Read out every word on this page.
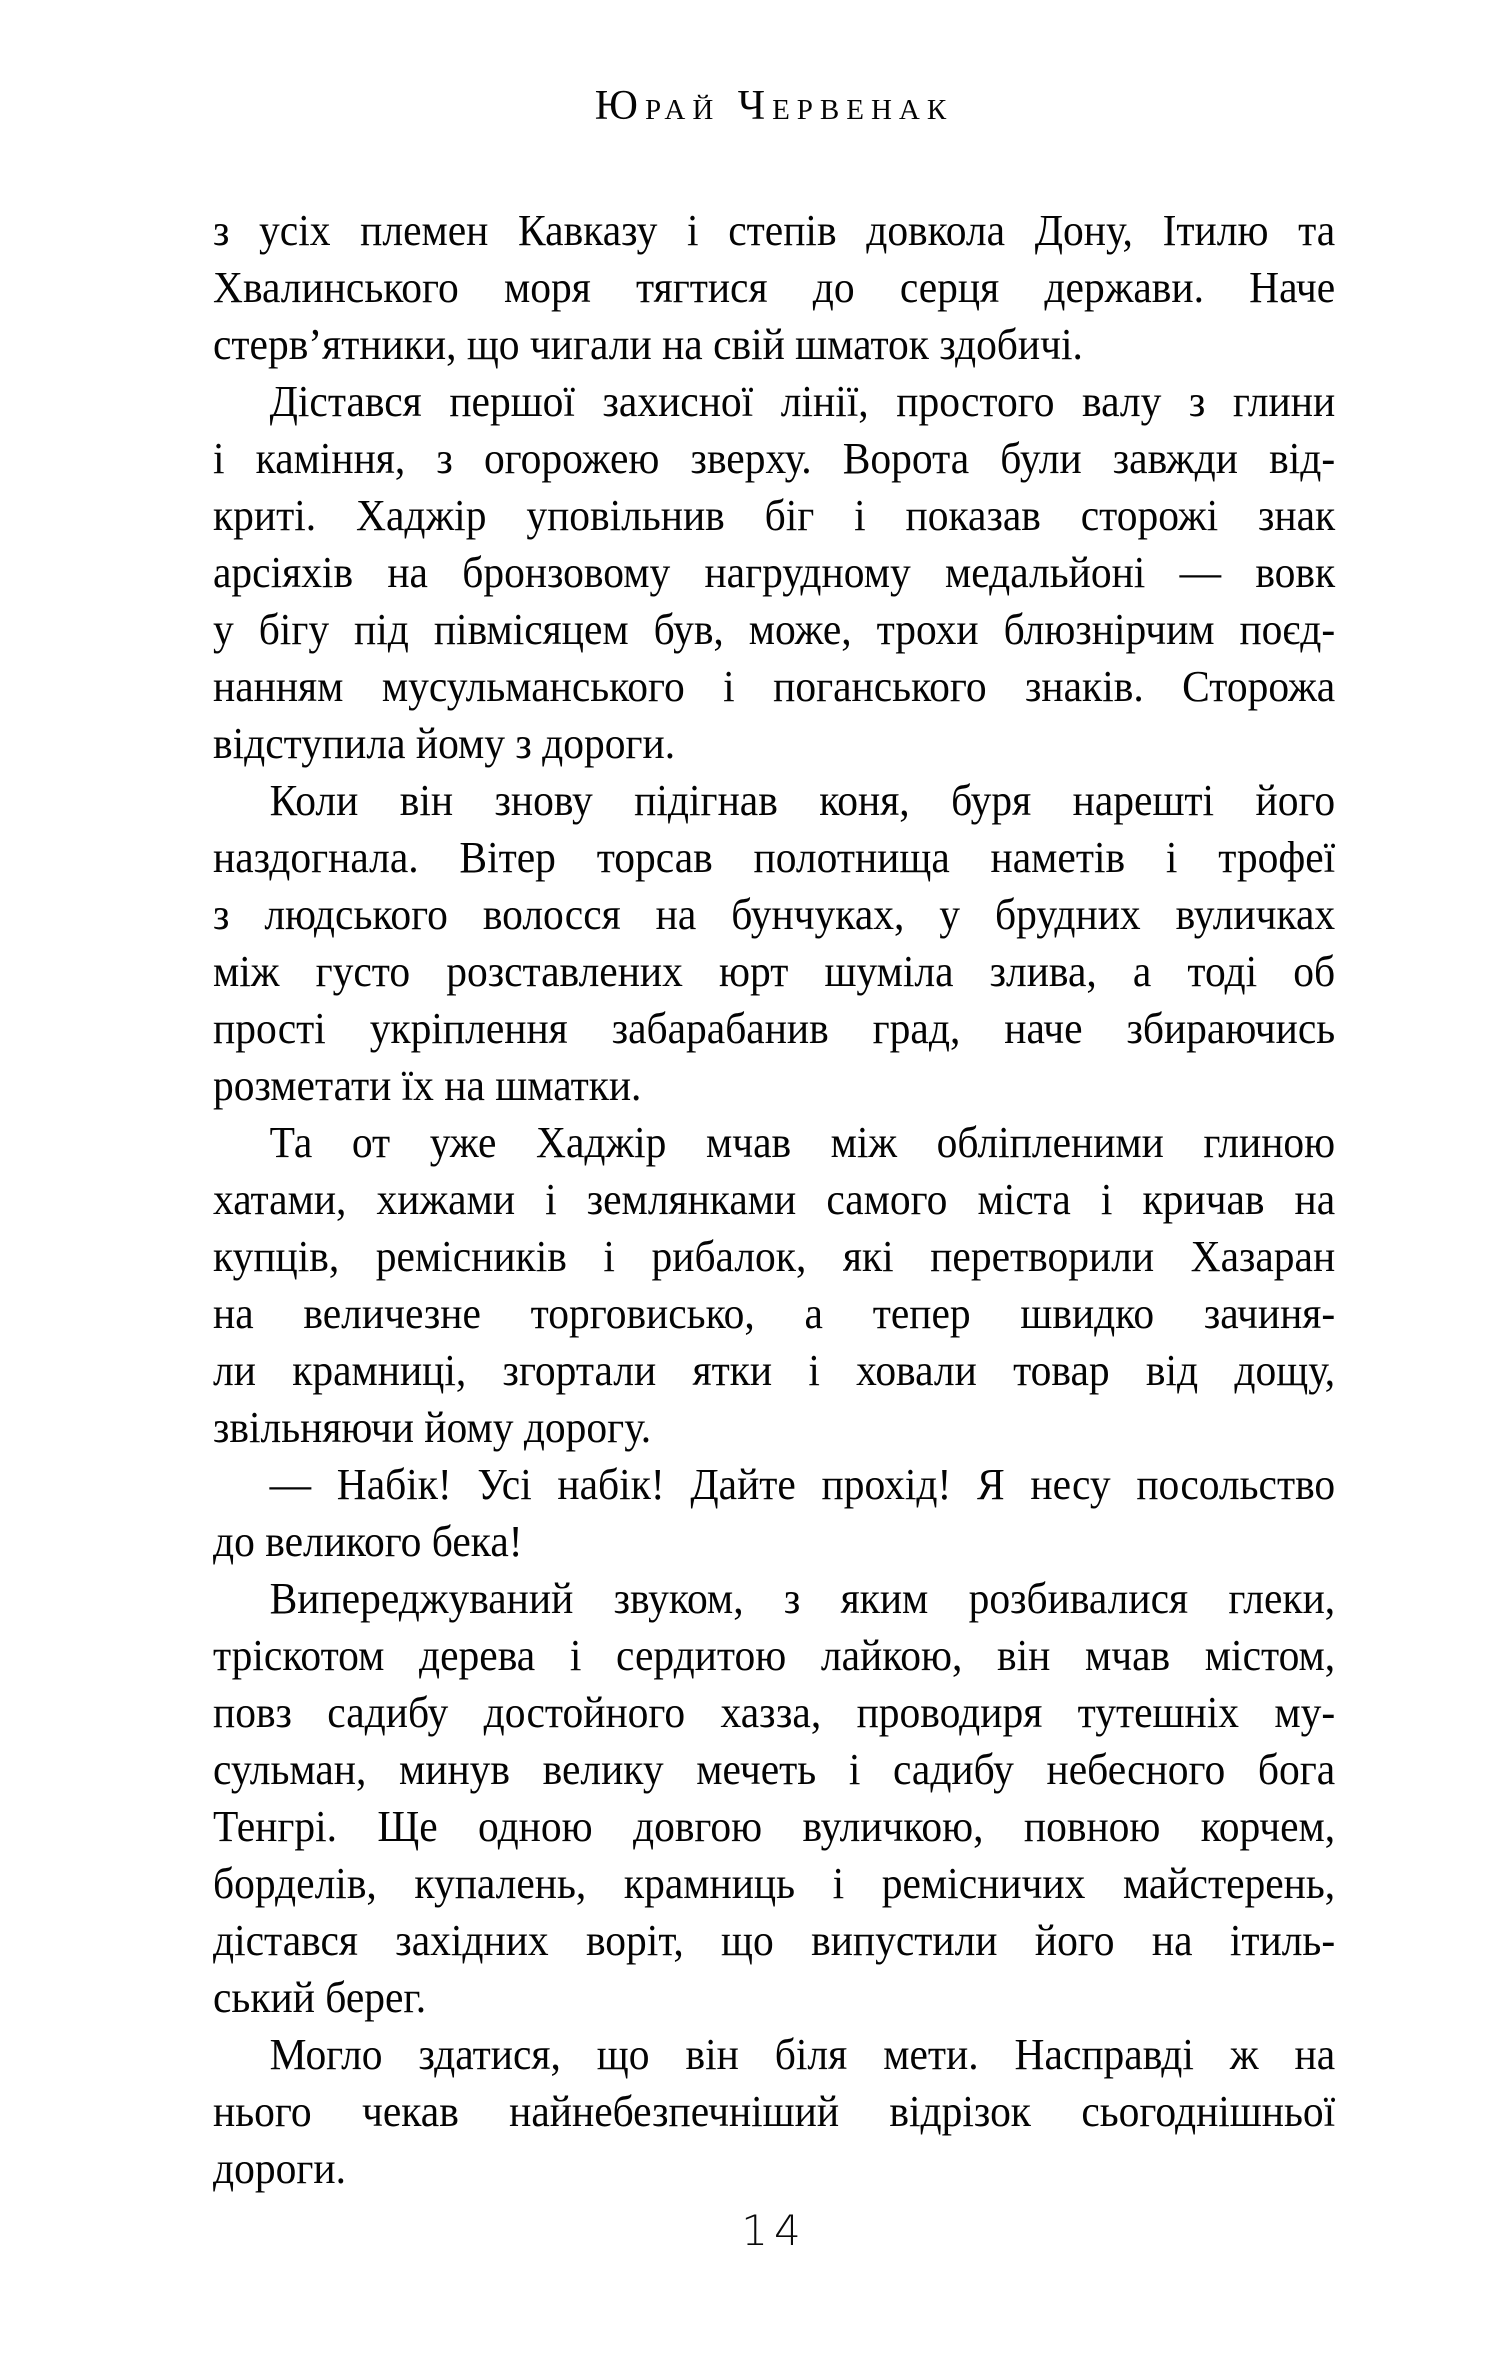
Юрай Червенак
з усіх племен Кавказу і степів довкола Дону, Ітилю та
Хвалинського моря тягтися до серця держави. Наче
стерв’ятники, що чигали на свій шматок здобичі.
Дістався першої захисної лінії, простого валу з глини
і каміння, з огорожею зверху. Ворота були завжди від-
криті. Хаджір уповільнив біг і показав сторожі знак
арсіяхів на бронзовому нагрудному медальйоні — вовк
у бігу під півмісяцем був, може, трохи блюзнірчим поєд-
нанням мусульманського і поганського знаків. Сторожа
відступила йому з дороги.
Коли він знову підігнав коня, буря нарешті його
наздогнала. Вітер торсав полотнища наметів і трофеї
з людського волосся на бунчуках, у брудних вуличках
між густо розставлених юрт шуміла злива, а тоді об
прості укріплення забарабанив град, наче збираючись
розметати їх на шматки.
Та от уже Хаджір мчав між обліпленими глиною
хатами, хижами і землянками самого міста і кричав на
купців, ремісників і рибалок, які перетворили Хазаран
на величезне торговисько, а тепер швидко зачиня-
ли крамниці, згортали ятки і ховали товар від дощу,
звільняючи йому дорогу.
— Набік! Усі набік! Дайте прохід! Я несу посольство
до великого бека!
Випереджуваний звуком, з яким розбивалися глеки,
тріскотом дерева і сердитою лайкою, він мчав містом,
повз садибу достойного хазза, проводиря тутешніх му-
сульман, минув велику мечеть і садибу небесного бога
Тенгрі. Ще одною довгою вуличкою, повною корчем,
борделів, купалень, крамниць і ремісничих майстерень,
дістався західних воріт, що випустили його на ітиль-
ський берег.
Могло здатися, що він біля мети. Насправді ж на
нього чекав найнебезпечніший відрізок сьогоднішньої
дороги.
14
